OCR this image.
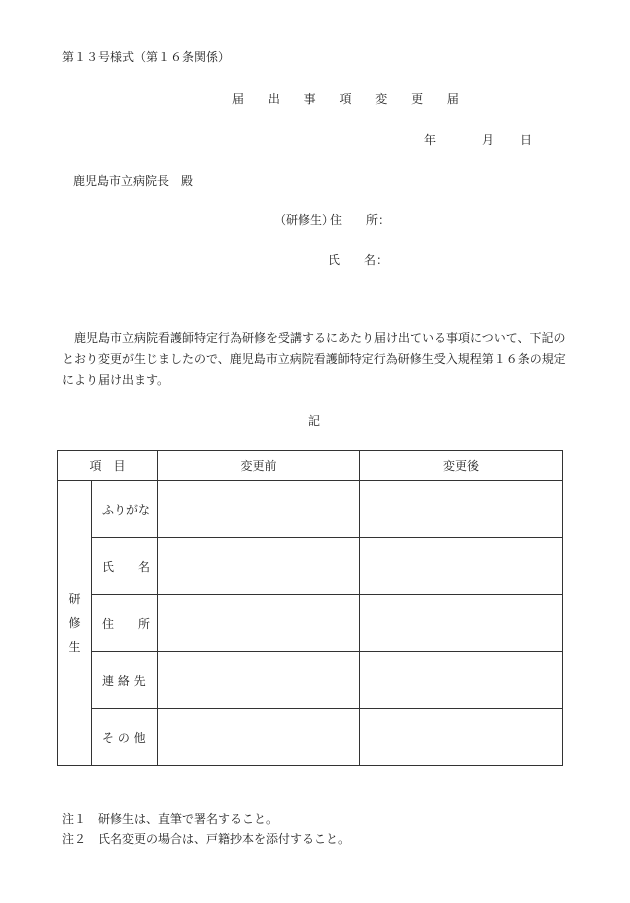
第１３号様式（第１６条関係）
届 出 事 項 変 更 届
年	月 日
鹿児島市立病院長　殿
（研修生）
住　　所：
氏　　名：

鹿児島市立病院看護師特定行為研修を受講するにあたり届け出ている事項について、下記のとおり変更が生じましたので、鹿児島市立病院看護師特定行為研修生受入規程第１６条の規定により届け出ます。

記
項　目		変更前	変更後

研
修
生	ふりがな		
	氏　　名		
	住　　所		
	連 絡 先		
	そ の 他		
注１　研修生は、直筆で署名すること。
注２　氏名変更の場合は、戸籍抄本を添付すること。
